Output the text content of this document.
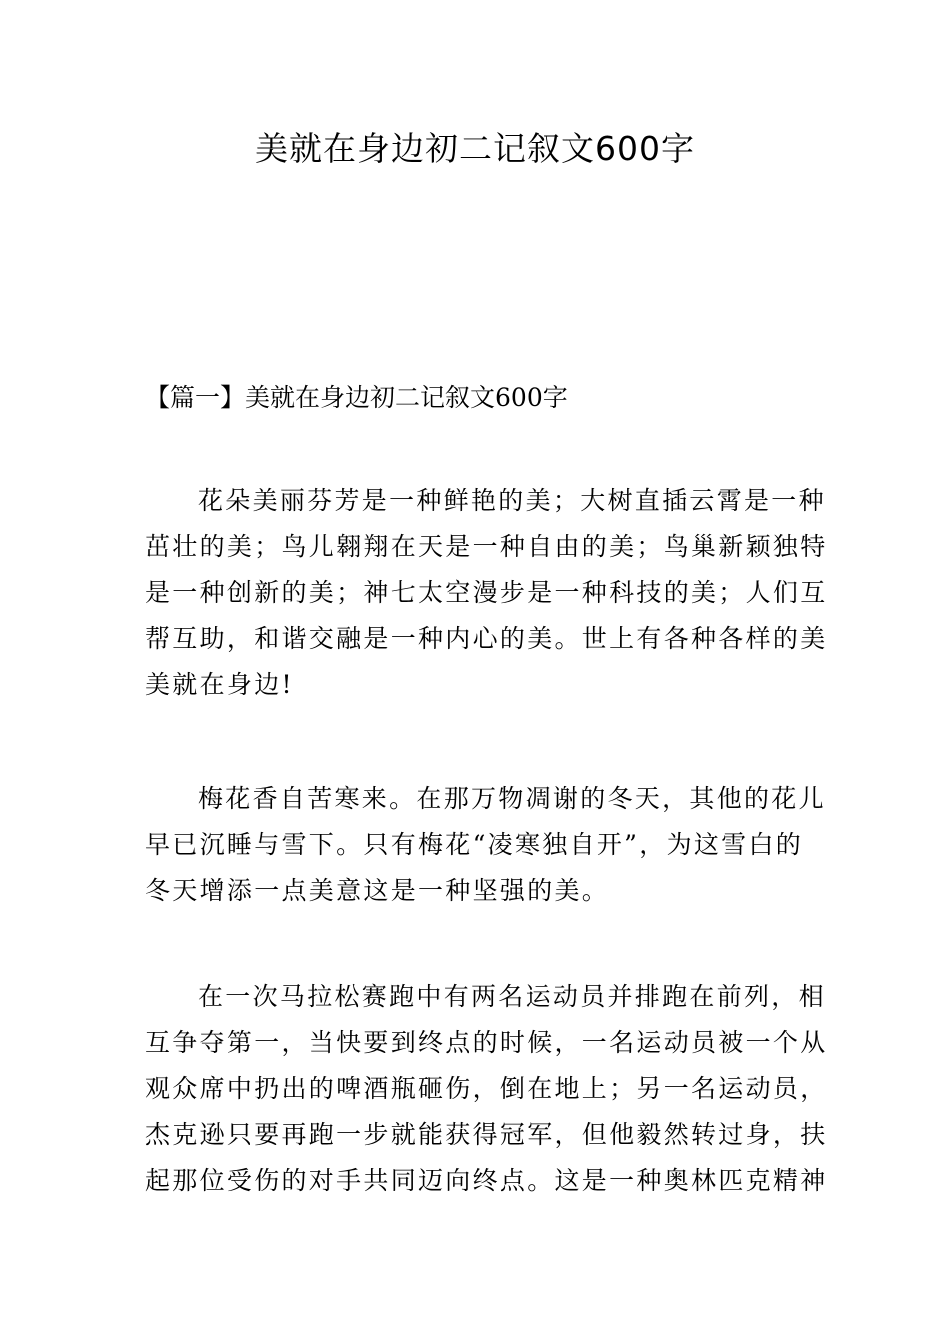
美就在身边初二记叙文600字
【篇一】美就在身边初二记叙文600字

花朵美丽芬芳是一种鲜艳的美；大树直插云霄是一种
茁壮的美；鸟儿翱翔在天是一种自由的美；鸟巢新颖独特
是一种创新的美；神七太空漫步是一种科技的美；人们互
帮互助，和谐交融是一种内心的美。世上有各种各样的美
美就在身边!

梅花香自苦寒来。在那万物凋谢的冬天，其他的花儿
早已沉睡与雪下。只有梅花“凌寒独自开”，为这雪白的
冬天增添一点美意这是一种坚强的美。

在一次马拉松赛跑中有两名运动员并排跑在前列，相
互争夺第一，当快要到终点的时候，一名运动员被一个从
观众席中扔出的啤酒瓶砸伤，倒在地上；另一名运动员，
杰克逊只要再跑一步就能获得冠军，但他毅然转过身，扶
起那位受伤的对手共同迈向终点。这是一种奥林匹克精神
